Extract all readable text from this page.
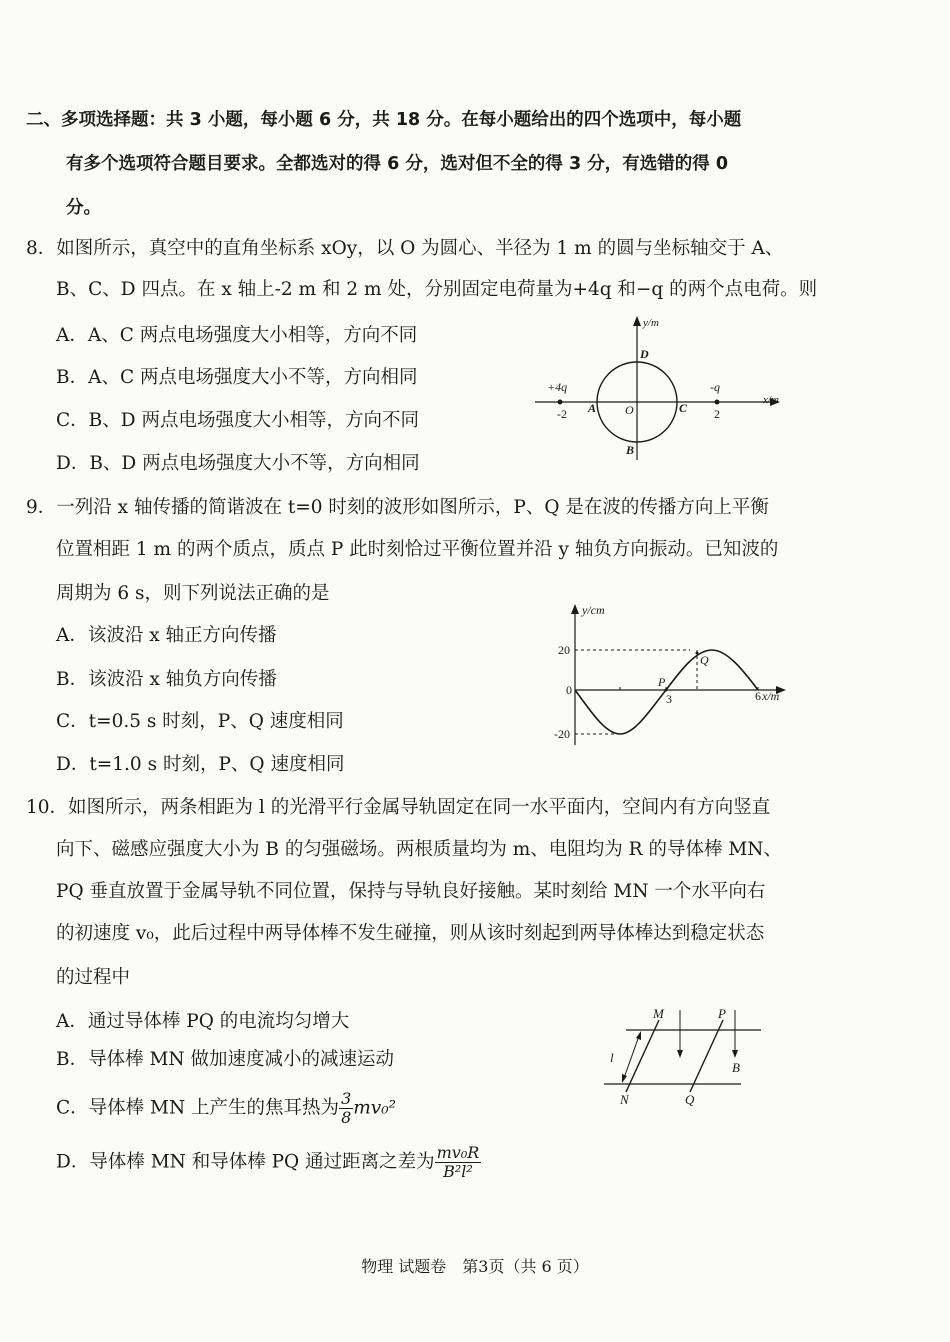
二、多项选择题：共 3 小题，每小题 6 分，共 18 分。在每小题给出的四个选项中，每小题
有多个选项符合题目要求。全都选对的得 6 分，选对但不全的得 3 分，有选错的得 0
分。
8．如图所示，真空中的直角坐标系 xOy，以 O 为圆心、半径为 1 m 的圆与坐标轴交于 A、
B、C、D 四点。在 x 轴上-2 m 和 2 m 处，分别固定电荷量为+4q 和−q 的两个点电荷。则
A．A、C 两点电场强度大小相等，方向不同
B．A、C 两点电场强度大小不等，方向相同
C．B、D 两点电场强度大小相等，方向不同
D．B、D 两点电场强度大小不等，方向相同
y/m
x/m
+4q	-q
-2	2
A	C
O
D
B
9．一列沿 x 轴传播的简谐波在 t=0 时刻的波形如图所示，P、Q 是在波的传播方向上平衡
位置相距 1 m 的两个质点，质点 P 此时刻恰过平衡位置并沿 y 轴负方向振动。已知波的
周期为 6 s，则下列说法正确的是
A．该波沿 x 轴正方向传播
B．该波沿 x 轴负方向传播
C．t=0.5 s 时刻，P、Q 速度相同
D．t=1.0 s 时刻，P、Q 速度相同
y/cm
x/m
20
0
-20
3	6
P
Q
10．如图所示，两条相距为 l 的光滑平行金属导轨固定在同一水平面内，空间内有方向竖直
向下、磁感应强度大小为 B 的匀强磁场。两根质量均为 m、电阻均为 R 的导体棒 MN、
PQ 垂直放置于金属导轨不同位置，保持与导轨良好接触。某时刻给 MN 一个水平向右
的初速度 v₀，此后过程中两导体棒不发生碰撞，则从该时刻起到两导体棒达到稳定状态
的过程中
A．通过导体棒 PQ 的电流均匀增大
B．导体棒 MN 做加速度减小的减速运动
C．导体棒 MN 上产生的焦耳热为 $\frac{3}{8} mv_0^2$
D．导体棒 MN 和导体棒 PQ 通过距离之差为 $\frac{\text{mv₀R}}{\text{B²l²}}$
M
N
P
Q
l
B
物理 试题卷　第3页（共 6 页）
